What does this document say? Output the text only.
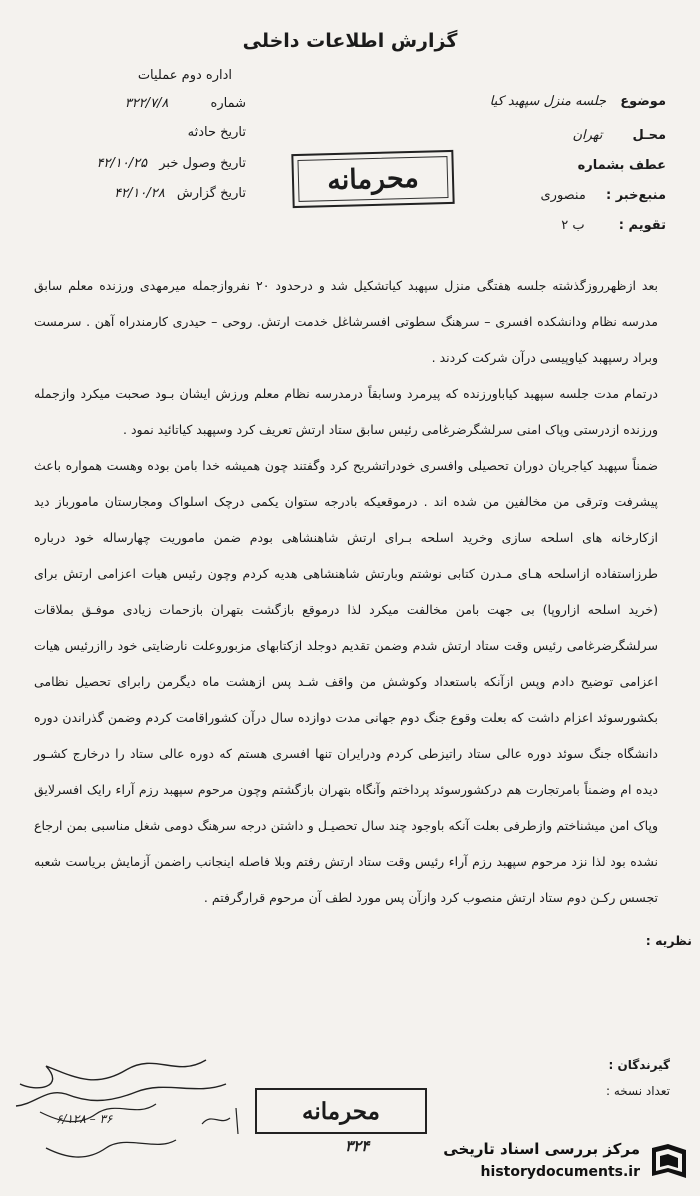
گزارش اطلاعات داخلی
موضوع جلسه منزل سپهبد کیا
محـل تهران
عطف بشماره
منبع‌خبر : منصوری
تقویم : ب ۲
اداره دوم عملیات
شماره ۳۲۲/۷/۸
تاریخ حادثه
تاریخ وصول خبر ۴۲/۱۰/۲۵
تاریخ گزارش ۴۲/۱۰/۲۸	محرمانه

بعد ازظهرروزگذشته جلسه هفتگی منزل سپهبد کیاتشکیل شد و درحدود ۲۰ نفروازجمله میرمهدی ورزنده معلم سابق مدرسه نظام ودانشکده افسری – سرهنگ سطوتی افسرشاغل خدمت ارتش. روحی – حیدری کارمندراه آهن . سرمست وبراد رسپهبد کیاوپیسی درآن شرکت کردند .

درتمام مدت جلسه سپهبد کیاباورزنده که پیرمرد وسابقاً درمدرسه نظام معلم ورزش ایشان بـود صحبت میکرد وازجمله ورزنده ازدرستی وپاک امنی سرلشگرضرغامی رئیس سابق ستاد ارتش تعریف کرد وسپهبد کیاتائید نمود .

ضمناً سپهبد کیاجریان دوران تحصیلی وافسری خودراتشریح کرد وگفتند چون همیشه خدا بامن بوده وهست همواره باعث پیشرفت وترقی من مخالفین من شده اند . درموقعیکه بادرجه ستوان یکمی درچک اسلواک ومجارستان مامورباز دید ازکارخانه های اسلحه سازی وخرید اسلحه بـرای ارتش شاهنشاهی بودم ضمن ماموریت چهارساله خود درباره طرزاستفاده ازاسلحه هـای مـدرن کتابی نوشتم وبارتش شاهنشاهی هدیه کردم وچون رئیس هیات اعزامی ارتش برای (خرید اسلحه ازاروپا) بی جهت بامن مخالفت میکرد لذا درموقع بازگشت بتهران بازحمات زیادی موفـق بملاقات سرلشگرضرغامی رئیس وقت ستاد ارتش شدم وضمن تقدیم دوجلد ازکتابهای مزبوروعلت نارضایتی خود راازرئیس هیات اعزامی توضیح دادم وپس ازآنکه باستعداد وکوشش من واقف شـد پس ازهشت ماه دیگرمن رابرای تحصیل نظامی بکشورسوئد اعزام داشت که بعلت وقوع جنگ دوم جهانی مدت دوازده سال درآن کشوراقامت کردم وضمن گذراندن دوره دانشگاه جنگ سوئد دوره عالی ستاد راتیزطی کردم ودرایران تنها افسری هستم که دوره عالی ستاد را درخارج کشـور دیده ام وضمناً بامرتجارت هم درکشورسوئد پرداختم وآنگاه بتهران بازگشتم وچون مرحوم سپهبد رزم آراء رایک افسرلایق وپاک امن میشناختم وازطرفی بعلت آنکه باوجود چند سال تحصیـل و داشتن درجه سرهنگ دومی شغل مناسبی بمن ارجاع نشده بود لذا نزد مرحوم سپهبد رزم آراء رئیس وقت ستاد ارتش رفتم وبلا فاصله اینجانب راضمن آزمایش بریاست شعبه تجسس رکـن دوم ستاد ارتش منصوب کرد وازآن پس مورد لطف آن مرحوم قرارگرفتم .

نظریه :
گیرندگان :
تعداد نسخه :
محرمانه
۳۲۴
۳۶ – ۶/۱۲۸
مرکز بررسی اسناد تاریخی
historydocuments.ir
